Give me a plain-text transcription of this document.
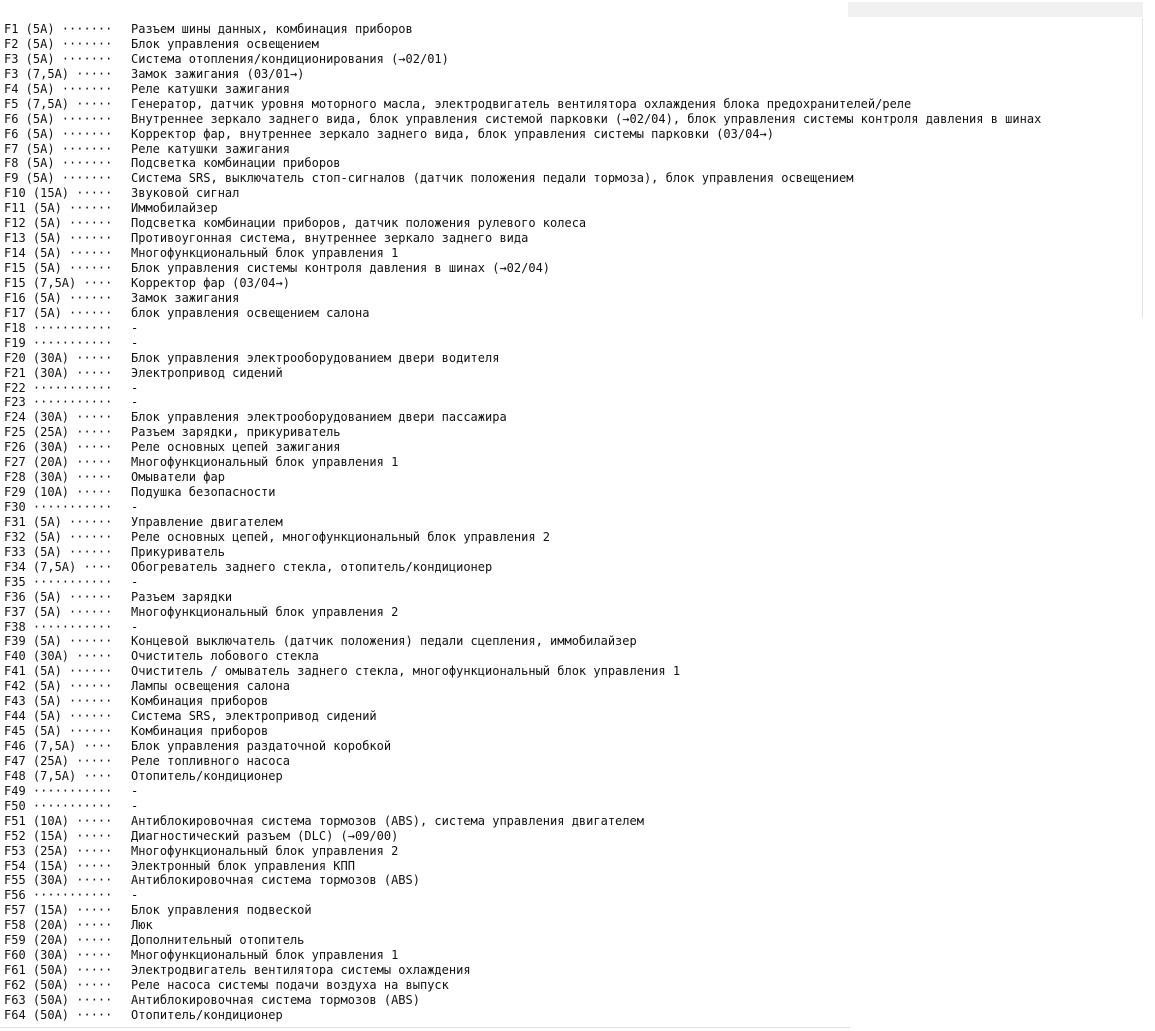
F1 (5A) ······· Разъем шины данных, комбинация приборов
F2 (5A) ······· Блок управления освещением
F3 (5A) ······· Система отопления/кондиционирования (→02/01)
F3 (7,5A) ····· Замок зажигания (03/01→)
F4 (5A) ······· Реле катушки зажигания
F5 (7,5A) ····· Генератор, датчик уровня моторного масла, электродвигатель вентилятора охлаждения блока предохранителей/реле
F6 (5A) ······· Внутреннее зеркало заднего вида, блок управления системой парковки (→02/04), блок управления системы контроля давления в шинах
F6 (5A) ······· Корректор фар, внутреннее зеркало заднего вида, блок управления системы парковки (03/04→)
F7 (5A) ······· Реле катушки зажигания
F8 (5A) ······· Подсветка комбинации приборов
F9 (5A) ······· Система SRS, выключатель стоп-сигналов (датчик положения педали тормоза), блок управления освещением
F10 (15A) ····· Звуковой сигнал
F11 (5A) ······ Иммобилайзер
F12 (5A) ······ Подсветка комбинации приборов, датчик положения рулевого колеса
F13 (5A) ······ Противоугонная система, внутреннее зеркало заднего вида
F14 (5A) ······ Многофункциональный блок управления 1
F15 (5A) ······ Блок управления системы контроля давления в шинах (→02/04)
F15 (7,5A) ···· Корректор фар (03/04→)
F16 (5A) ······ Замок зажигания
F17 (5A) ······ блок управления освещением салона
F18 ··········· -
F19 ··········· -
F20 (30A) ····· Блок управления электрооборудованием двери водителя
F21 (30A) ····· Электропривод сидений
F22 ··········· -
F23 ··········· -
F24 (30A) ····· Блок управления электрооборудованием двери пассажира
F25 (25A) ····· Разъем зарядки, прикуриватель
F26 (30A) ····· Реле основных цепей зажигания
F27 (20A) ····· Многофункциональный блок управления 1
F28 (30A) ····· Омыватели фар
F29 (10A) ····· Подушка безопасности
F30 ··········· -
F31 (5A) ······ Управление двигателем
F32 (5A) ······ Реле основных цепей, многофункциональный блок управления 2
F33 (5A) ······ Прикуриватель
F34 (7,5A) ···· Обогреватель заднего стекла, отопитель/кондиционер
F35 ··········· -
F36 (5A) ······ Разъем зарядки
F37 (5A) ······ Многофункциональный блок управления 2
F38 ··········· -
F39 (5A) ······ Концевой выключатель (датчик положения) педали сцепления, иммобилайзер
F40 (30A) ····· Очиститель лобового стекла
F41 (5A) ······ Очиститель / омыватель заднего стекла, многофункциональный блок управления 1
F42 (5A) ······ Лампы освещения салона
F43 (5A) ······ Комбинация приборов
F44 (5A) ······ Система SRS, электропривод сидений
F45 (5A) ······ Комбинация приборов
F46 (7,5A) ···· Блок управления раздаточной коробкой
F47 (25A) ····· Реле топливного насоса
F48 (7,5A) ···· Отопитель/кондиционер
F49 ··········· -
F50 ··········· -
F51 (10A) ····· Антиблокировочная система тормозов (ABS), система управления двигателем
F52 (15A) ····· Диагностический разъем (DLC) (→09/00)
F53 (25A) ····· Многофункциональный блок управления 2
F54 (15A) ····· Электронный блок управления КПП
F55 (30A) ····· Антиблокировочная система тормозов (ABS)
F56 ··········· -
F57 (15A) ····· Блок управления подвеской
F58 (20A) ····· Люк
F59 (20A) ····· Дополнительный отопитель
F60 (30A) ····· Многофункциональный блок управления 1
F61 (50A) ····· Электродвигатель вентилятора системы охлаждения
F62 (50A) ····· Реле насоса системы подачи воздуха на выпуск
F63 (50A) ····· Антиблокировочная система тормозов (ABS)
F64 (50A) ····· Отопитель/кондиционер
